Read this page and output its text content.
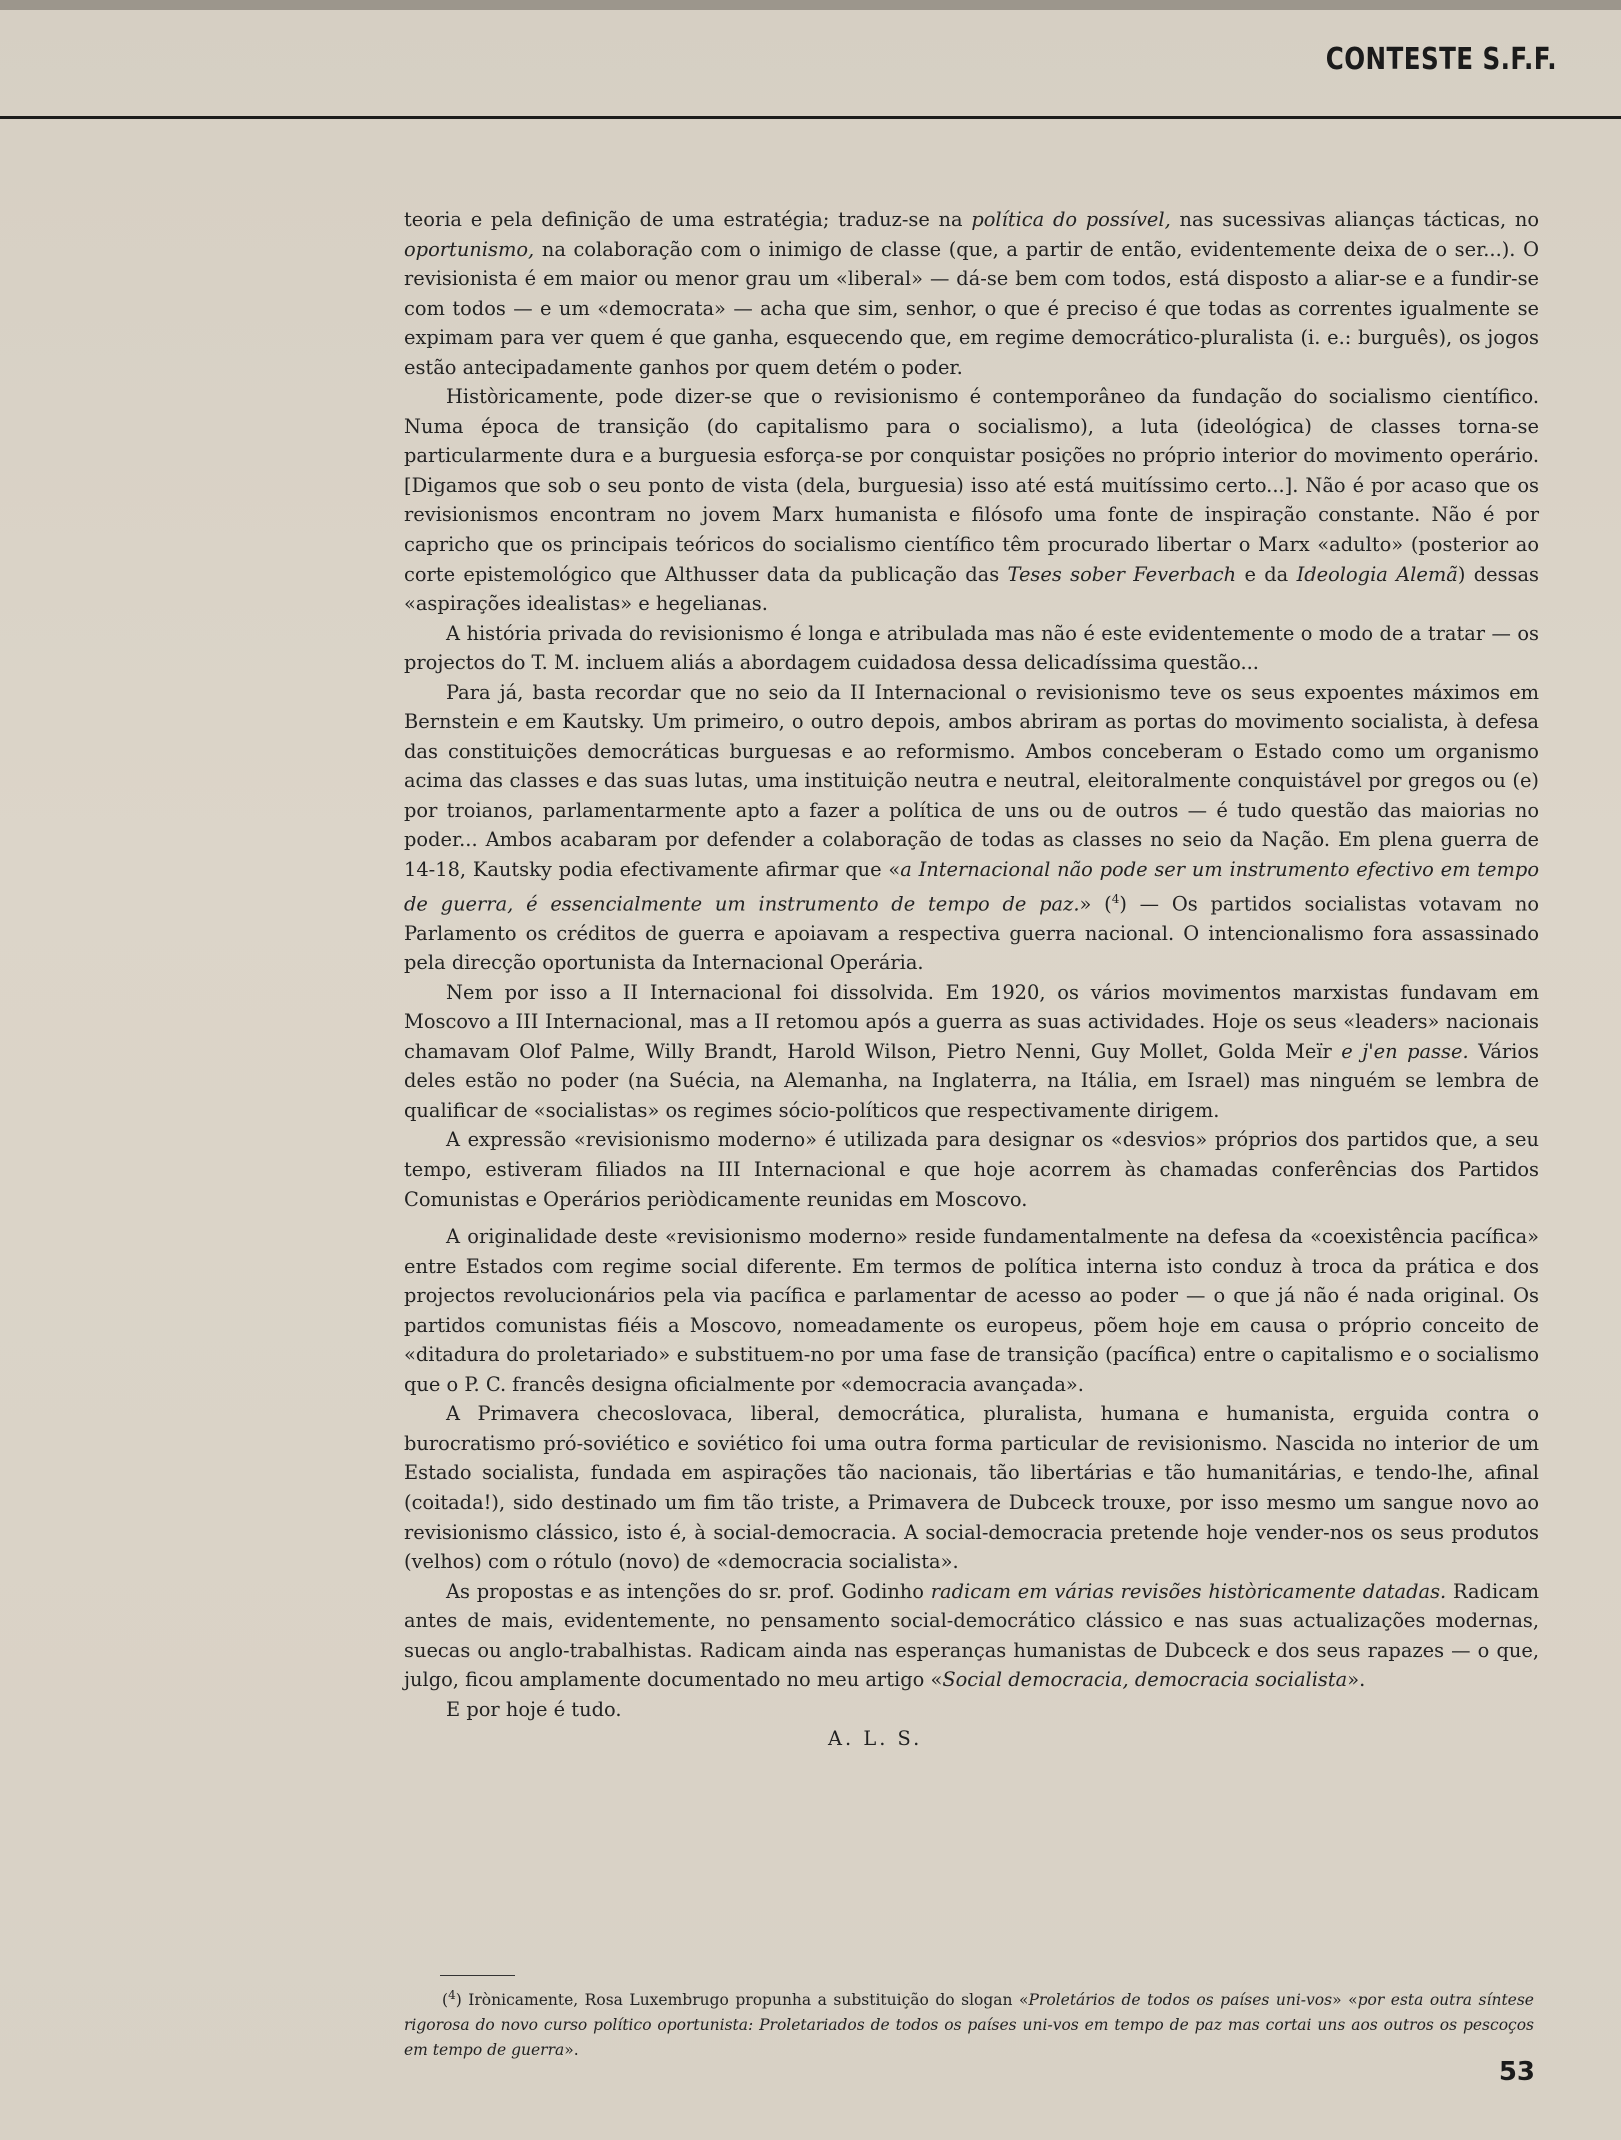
CONTESTE S.F.F.

teoria e pela definição de uma estratégia; traduz-se na política do possível, nas sucessivas alianças tácticas, no oportunismo, na colaboração com o inimigo de classe (que, a partir de então, evidentemente deixa de o ser...). O revisionista é em maior ou menor grau um «liberal» — dá-se bem com todos, está disposto a aliar-se e a fundir-se com todos — e um «democrata» — acha que sim, senhor, o que é preciso é que todas as correntes igualmente se expimam para ver quem é que ganha, esquecendo que, em regime democrático-pluralista (i. e.: burguês), os jogos estão antecipadamente ganhos por quem detém o poder.

Històricamente, pode dizer-se que o revisionismo é contemporâneo da fundação do socialismo científico. Numa época de transição (do capitalismo para o socialismo), a luta (ideológica) de classes torna-se particularmente dura e a burguesia esforça-se por conquistar posições no próprio interior do movimento operário. [Digamos que sob o seu ponto de vista (dela, burguesia) isso até está muitíssimo certo...]. Não é por acaso que os revisionismos encontram no jovem Marx humanista e filósofo uma fonte de inspiração constante. Não é por capricho que os principais teóricos do socialismo científico têm procurado libertar o Marx «adulto» (posterior ao corte epistemológico que Althusser data da publicação das Teses sober Feverbach e da Ideologia Alemã) dessas «aspirações idealistas» e hegelianas.

A história privada do revisionismo é longa e atribulada mas não é este evidentemente o modo de a tratar — os projectos do T. M. incluem aliás a abordagem cuidadosa dessa delicadíssima questão...

Para já, basta recordar que no seio da II Internacional o revisionismo teve os seus expoentes máximos em Bernstein e em Kautsky. Um primeiro, o outro depois, ambos abriram as portas do movimento socialista, à defesa das constituições democráticas burguesas e ao reformismo. Ambos conceberam o Estado como um organismo acima das classes e das suas lutas, uma instituição neutra e neutral, eleitoralmente conquistável por gregos ou (e) por troianos, parlamentarmente apto a fazer a política de uns ou de outros — é tudo questão das maiorias no poder... Ambos acabaram por defender a colaboração de todas as classes no seio da Nação. Em plena guerra de 14-18, Kautsky podia efectivamente afirmar que «a Internacional não pode ser um instrumento efectivo em tempo de guerra, é essencialmente um instrumento de tempo de paz.» ($^4$) — Os partidos socialistas votavam no Parlamento os créditos de guerra e apoiavam a respectiva guerra nacional. O intencionalismo fora assassinado pela direcção oportunista da Internacional Operária.

Nem por isso a II Internacional foi dissolvida. Em 1920, os vários movimentos marxistas fundavam em Moscovo a III Internacional, mas a II retomou após a guerra as suas actividades. Hoje os seus «leaders» nacionais chamavam Olof Palme, Willy Brandt, Harold Wilson, Pietro Nenni, Guy Mollet, Golda Meïr e j'en passe. Vários deles estão no poder (na Suécia, na Alemanha, na Inglaterra, na Itália, em Israel) mas ninguém se lembra de qualificar de «socialistas» os regimes sócio-políticos que respectivamente dirigem.

A expressão «revisionismo moderno» é utilizada para designar os «desvios» próprios dos partidos que, a seu tempo, estiveram filiados na III Internacional e que hoje acorrem às chamadas conferências dos Partidos Comunistas e Operários periòdicamente reunidas em Moscovo.

A originalidade deste «revisionismo moderno» reside fundamentalmente na defesa da «coexistência pacífica» entre Estados com regime social diferente. Em termos de política interna isto conduz à troca da prática e dos projectos revolucionários pela via pacífica e parlamentar de acesso ao poder — o que já não é nada original. Os partidos comunistas fiéis a Moscovo, nomeadamente os europeus, põem hoje em causa o próprio conceito de «ditadura do proletariado» e substituem-no por uma fase de transição (pacífica) entre o capitalismo e o socialismo que o P. C. francês designa oficialmente por «democracia avançada».

A Primavera checoslovaca, liberal, democrática, pluralista, humana e humanista, erguida contra o burocratismo pró-soviético e soviético foi uma outra forma particular de revisionismo. Nascida no interior de um Estado socialista, fundada em aspirações tão nacionais, tão libertárias e tão humanitárias, e tendo-lhe, afinal (coitada!), sido destinado um fim tão triste, a Primavera de Dubceck trouxe, por isso mesmo um sangue novo ao revisionismo clássico, isto é, à social-democracia. A social-democracia pretende hoje vender-nos os seus produtos (velhos) com o rótulo (novo) de «democracia socialista».

As propostas e as intenções do sr. prof. Godinho radicam em várias revisões històricamente datadas. Radicam antes de mais, evidentemente, no pensamento social-democrático clássico e nas suas actualizações modernas, suecas ou anglo-trabalhistas. Radicam ainda nas esperanças humanistas de Dubceck e dos seus rapazes — o que, julgo, ficou amplamente documentado no meu artigo «Social democracia, democracia socialista».

E por hoje é tudo.

A. L. S.

($^4$) Irònicamente, Rosa Luxembrugo propunha a substituição do slogan «Proletários de todos os países uni-vos» «por esta outra síntese rigorosa do novo curso político oportunista: Proletariados de todos os países uni-vos em tempo de paz mas cortai uns aos outros os pescoços em tempo de guerra».
53
